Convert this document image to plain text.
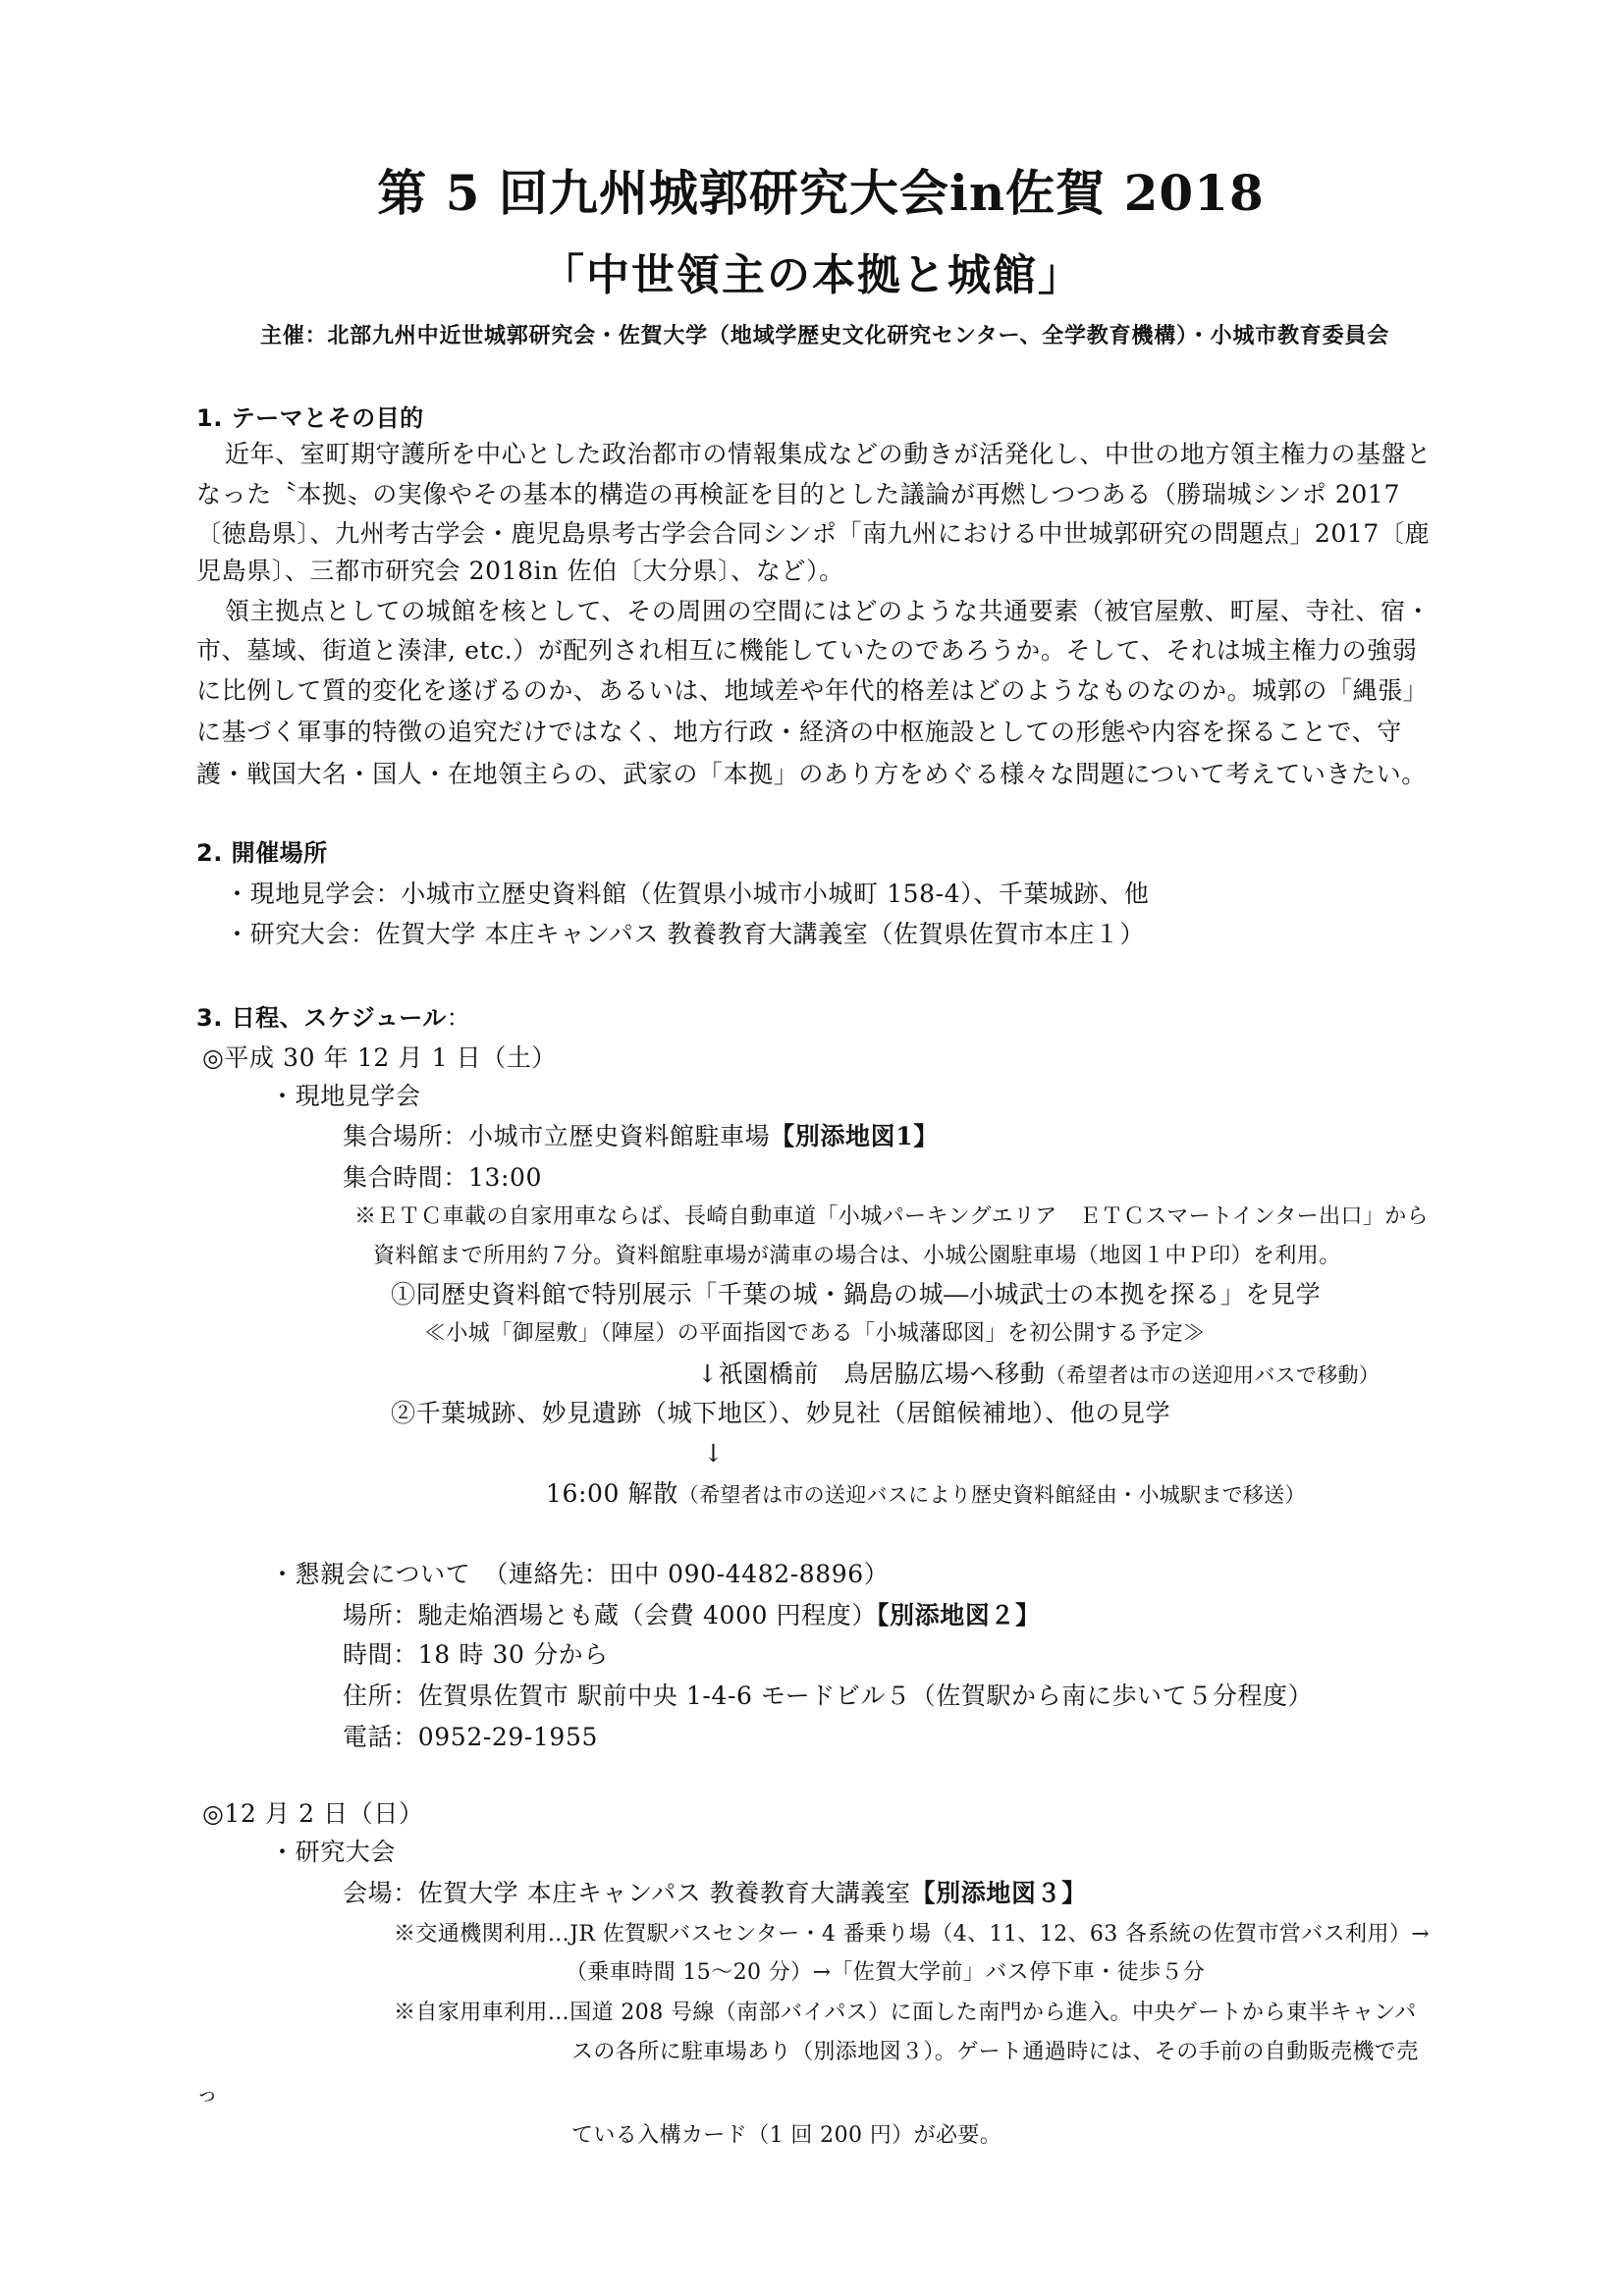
第 5 回九州城郭研究大会in佐賀 2018
「中世領主の本拠と城館」
主催：北部九州中近世城郭研究会・佐賀大学（地域学歴史文化研究センター、全学教育機構）・小城市教育委員会
1. テーマとその目的
近年、室町期守護所を中心とした政治都市の情報集成などの動きが活発化し、中世の地方領主権力の基盤と
なった〝本拠〟の実像やその基本的構造の再検証を目的とした議論が再燃しつつある（勝瑞城シンポ 2017
〔徳島県〕、九州考古学会・鹿児島県考古学会合同シンポ「南九州における中世城郭研究の問題点」2017〔鹿
児島県〕、三都市研究会 2018in 佐伯〔大分県〕、など）。
領主拠点としての城館を核として、その周囲の空間にはどのような共通要素（被官屋敷、町屋、寺社、宿・
市、墓域、街道と湊津, etc.）が配列され相互に機能していたのであろうか。そして、それは城主権力の強弱
に比例して質的変化を遂げるのか、あるいは、地域差や年代的格差はどのようなものなのか。城郭の「縄張」
に基づく軍事的特徴の追究だけではなく、地方行政・経済の中枢施設としての形態や内容を探ることで、守
護・戦国大名・国人・在地領主らの、武家の「本拠」のあり方をめぐる様々な問題について考えていきたい。
2. 開催場所
・現地見学会：小城市立歴史資料館（佐賀県小城市小城町 158-4）、千葉城跡、他
・研究大会：佐賀大学 本庄キャンパス 教養教育大講義室（佐賀県佐賀市本庄１）
3. 日程、スケジュール：
◎平成 30 年 12 月 1 日（土）
・現地見学会
集合場所：小城市立歴史資料館駐車場【別添地図1】
集合時間：13:00
※ＥＴＣ車載の自家用車ならば、長崎自動車道「小城パーキングエリア　ＥＴＣスマートインター出口」から
資料館まで所用約７分。資料館駐車場が満車の場合は、小城公園駐車場（地図１中Ｐ印）を利用。
①同歴史資料館で特別展示「千葉の城・鍋島の城―小城武士の本拠を探る」を見学
≪小城「御屋敷」（陣屋）の平面指図である「小城藩邸図」を初公開する予定≫
↓祇園橋前　鳥居脇広場へ移動（希望者は市の送迎用バスで移動）
②千葉城跡、妙見遺跡（城下地区）、妙見社（居館候補地）、他の見学
↓
16:00 解散（希望者は市の送迎バスにより歴史資料館経由・小城駅まで移送）
・懇親会について　（連絡先：田中 090-4482-8896）
場所：馳走焔酒場とも蔵（会費 4000 円程度）【別添地図２】
時間：18 時 30 分から
住所：佐賀県佐賀市 駅前中央 1-4-6 モードビル５（佐賀駅から南に歩いて５分程度）
電話：0952-29-1955
◎12 月 2 日（日）
・研究大会
会場：佐賀大学 本庄キャンパス 教養教育大講義室【別添地図３】
※交通機関利用…JR 佐賀駅バスセンター・4 番乗り場（4、11、12、63 各系統の佐賀市営バス利用）→
（乗車時間 15～20 分）→「佐賀大学前」バス停下車・徒歩５分
※自家用車利用…国道 208 号線（南部バイパス）に面した南門から進入。中央ゲートから東半キャンパ
スの各所に駐車場あり（別添地図３）。ゲート通過時には、その手前の自動販売機で売
っ
ている入構カード（1 回 200 円）が必要。
